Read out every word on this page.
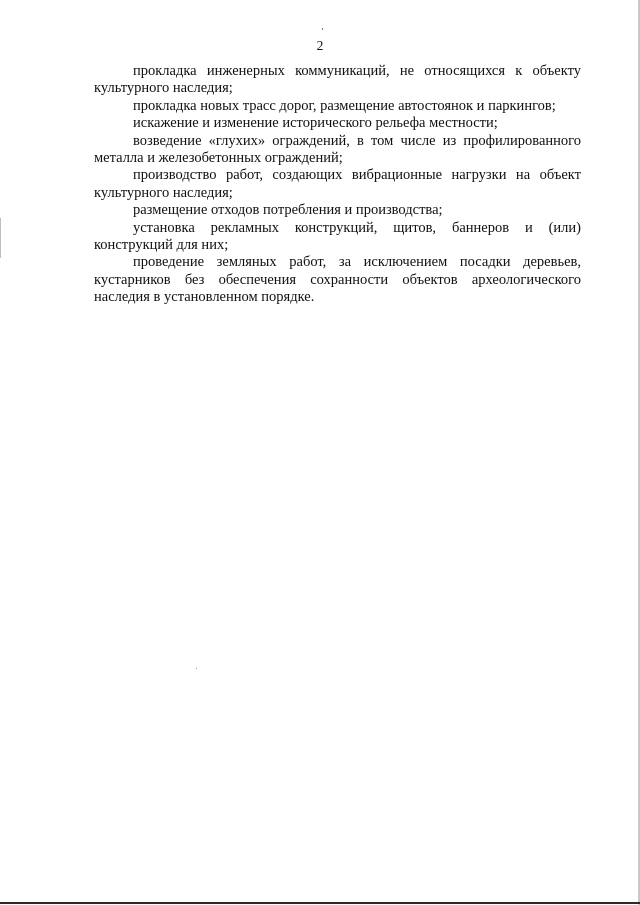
2

прокладка инженерных коммуникаций, не относящихся к объекту культурного наследия;

прокладка новых трасс дорог, размещение автостоянок и паркингов;

искажение и изменение исторического рельефа местности;

возведение «глухих» ограждений, в том числе из профилированного металла и железобетонных ограждений;

производство работ, создающих вибрационные нагрузки на объект культурного наследия;

размещение отходов потребления и производства;

установка рекламных конструкций, щитов, баннеров и (или) конструкций для них;

проведение земляных работ, за исключением посадки деревьев, кустарников без обеспечения сохранности объектов археологического наследия в установленном порядке.
